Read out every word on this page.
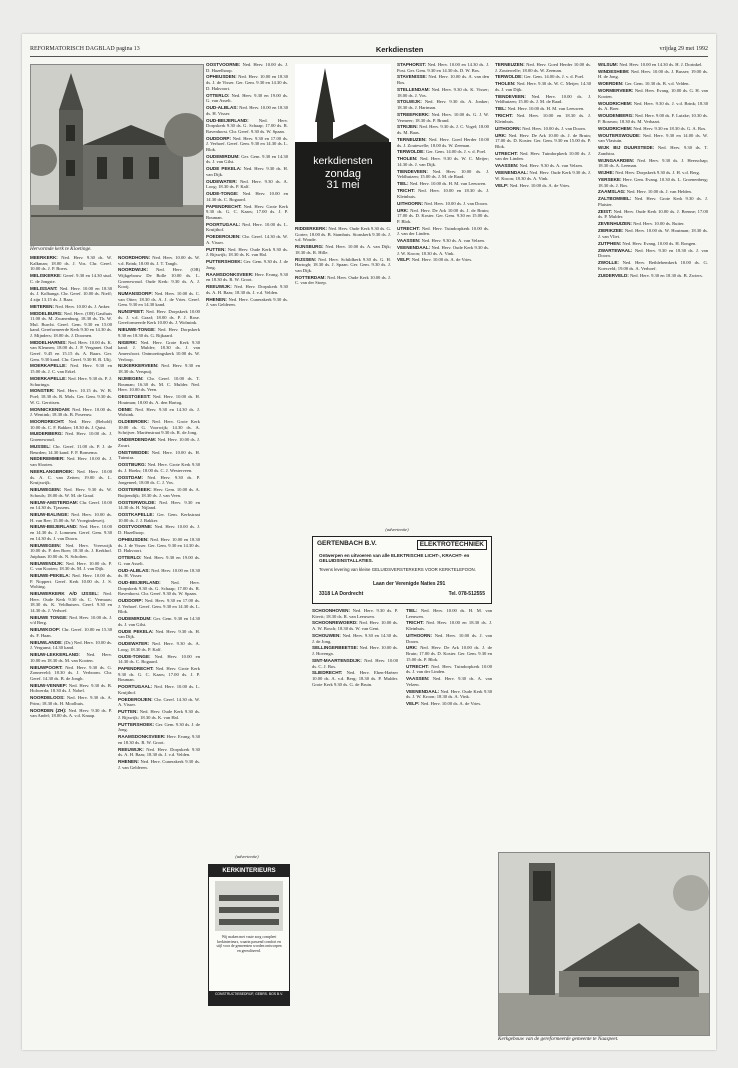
REFORMATORISCH DAGBLAD pagina 13	Kerkdiensten	vrijdag 29 mei 1992
Hervormde kerk te Kloetinge.

MEERKERK: Ned. Herv. 9.30 ds. W. Kalkman; 18.00 ds. J. Vos. Chr. Geref. 10.00 ds. J. P. Boers.

MELISKERKE: Geref. 9.30 en 14.30 stud. C. de Jongste.

MELISSANT: Ned. Herv. 10.00 en 18.30 ds. J. Kolbanga. Chr. Geref. 10.00 ds. Nieff; 4 zijn 13.15 ds. J. Baar.

METEREN: Ned. Herv. 10.00 ds. J. Anker.

MIDDELBURG: Ned. Herv. (OB) Gasthuis 11.00 ds. M. Zwanenburg, 18.30 ds. Th. W. Mul. Burcht. Geref. Gem. 9.30 en 15.00 kand. Gereformeerde Kerk 9.30 en 14.30 ds. J. Mijnders; 18.00 ds. J. Doornen.

MIDDELHARNIS: Ned. Herv. 10.00 ds. K. van Kleunen; 18.00 ds. J. P. Verganet. Oud Geref. 9.45 en 15.15 ds. A. Baars. Ger. Gem. 9.30 kand. Chr. Geref. 9.30 H. B. Ulij.

MOERKAPELLE: Ned. Herv. 9.30 en 15.00 ds. J. C. van Erkel.

MOERKAPELLE: Ned. Herv. 9.30 ds. P. J. Schuringa.

MONSTER: Ned. Herv. 10.15 ds. W. B. Poel; 18.30 ds. R. Mols. Ger. Gem. 9.30 ds. W. G. Gerritsen.

MONNICKENDAM: Ned. Herv. 10.00 ds. J. Wentink; 18.30 ds. B. Poseeuw.

MOORDRECHT: Ned. Herv. (Behold) 10.00 ds. C. F. Bakker; 18.30 ds. J. Quist.

MUIDERBERG: Ned. Herv. 10.00 ds. J. Groenewoud.

MUSSEL: Chr. Geref. 11.00 ds. P. J. de Beurden; 14.30 kand. F. P. Bonsema.

NEDEREMMER: Ned. Herv. 10.00 ds. J. van Slooten.

NEERLANGBROEK: Ned. Herv. 10.00 ds. A. C. van Zetten; 19.00 ds. L. Kruijswijk.

NIEUWEGEIN: Ned. Herv. 9.30 ds. W. Schouls; 18.00 ds. W. M. de Graaf.

NIEUW-AMSTERDAM: Chr. Geref. 10.00 en 14.30 ds. Tjassens.

NIEUW-BALINGE: Ned. Herv. 10.00 ds. H. van Ree; 15.00 ds. W. Vroegindeweij.

NIEUW-BEIJERLAND: Ned. Herv. 10.00 en 14.30 ds. J. Lommen. Geref. Gem. 9.30 en 14.30 ds. J. van Doorn.

NIEUWEGEIN: Ned. Herv. Vreeswijk 10.00 ds. P. den Boer; 18.30 ds. J. Kerkhof. Jutphaas 10.00 ds. N. Scholten.

NIEUWENDIJK: Ned. Herv. 10.00 ds. P. C. van Kooten; 18.30 ds. M. J. van Dijk.

NIEUWE-PEKELA: Ned. Herv. 10.00 ds. P. Noppert. Geref. Kerk 10.00 ds. J. S. Wolting.

NIEUWERKERK A/D IJSSEL: Ned. Herv. Oude Kerk 9.30 ds. C. Vermaas; 18.30 ds. K. Veldhuisen. Geref. 9.30 en 14.30 ds. J. Verhoef.

NIEUWE TONGE: Ned. Herv. 10.00 ds. J. v/d Berg.

NIEUWKOOP: Chr. Geref. 10.00 en 15.30 ds. F. Haan.

NIEUWLANDE: (Dr.) Ned. Herv. 10.00 ds. J. Vergunst; 14.30 kand.

NIEUW-LEKKERLAND: Ned. Herv. 10.00 en 18.30 ds. M. van Kooten.

NIEUWPOORT: Ned. Herv. 9.30 ds. G. Zonneveld; 18.30 ds. J. Verboom. Chr. Geref. 14.30 ds. B. de Jongh.

NIEUW-VENNEP: Ned. Herv. 9.30 ds. B. Holwerda; 18.30 ds. J. Nobel.

NOORDELOOS: Ned. Herv. 9.30 ds. A. Prins; 18.30 ds. H. Moolhuis.

NOORDEN (ZH): Ned. Herv. 9.30 ds. P. van Andel; 18.00 ds. A. v.d. Knaap.

NOORDHORN: Ned. Herv. 10.00 ds. W. v.d. Brink; 18.00 ds. J. T. Tangh.

NOORDWIJK: Ned. Herv. (OB) Wijkgebouw De Bolle 10.00 ds. L. Groenewoud. Oude Kerk: 9.30 ds. A. J. Kooij.

NUMANSDORP: Ned. Herv. 10.00 ds. C. van Otter; 18.30 ds. A. J. de Vries. Geref. Gem. 9.30 en 14.30 kand.

NUNSPEET: Ned. Herv. Dorpskerk 10.00 ds. J. v.d. Graaf; 18.00 ds. P. J. Rose. Gereformeerde Kerk 10.00 ds. J. Wolmink.

NIEUWE-TONGE: Ned. Herv. Dorpskerk 9.30 en 18.30 ds. G. Rijkaard.

NIGERK: Ned. Herv. Grote Kerk 9.30 kand. J. Mulder; 18.30 ds. J. van Amersfoort. Ontmoetingskerk 10.00 ds. W. Verloop.

NIJKERKERVEEN: Ned. Herv. 9.30 en 18.30 ds. Verspuij.

NIJMEGEN: Chr. Geref. 10.00 ds. T. Bouman; 16.30 ds. M. C. Mulder. Ned. Herv. 10.00 ds. Veen.

OEGSTGEEST: Ned. Herv. 10.00 ds. H. Houtman; 18.00 ds. A. den Hartog.

OENE: Ned. Herv. 9.30 en 14.30 ds. J. Wolsink.

OLDEBROEK: Ned. Herv. Grote Kerk 10.00 ds. G. Voorwijk; 14.30 ds. A. Schrijver. Mariënstraat 9.30 ds. R. de Jong.

ONDERDENDAM: Ned. Herv. 10.00 ds. J. Zwart.

ONSTWEDDE: Ned. Herv. 10.00 ds. H. Tuinstra.

OOSTBURG: Ned. Herv. Grote Kerk 9.30 ds. J. Hoeks; 18.00 ds. C. J. Westerveen.

OOSTDAM: Ned. Herv. 9.30 ds. P. Jongeneel; 18.00 ds. C. J. Vos.

OOSTERBEEK: Herv. Gem. 10.00 ds. A. Buijtendijk; 18.30 ds. J. van Veen.

OOSTERWOLDE: Ned. Herv. 9.30 en 14.30 ds. H. Nijland.

OOSTKAPELLE: Ger. Gem. Kerkstraat 10.00 ds. J. J. Bakker.

OOSTVOORNE: Ned. Herv. 10.00 ds. J. D. Hazelhoop.

OPHEUSDEN: Ned. Herv. 10.00 en 18.30 ds. J. de Visser. Ger. Gem. 9.30 en 14.30 ds. D. Hakvoort.

OTTERLO: Ned. Herv. 9.30 en 19.00 ds. G. van Asselt.

OUD-ALBLAS: Ned. Herv. 10.00 en 18.30 ds. H. Visser.

OUD-BEIJERLAND: Ned. Herv. Dorpskerk 9.30 ds. G. Schaap; 17.00 ds. R. Ravenhorst. Chr. Geref. 9.30 ds. W. Spaan.

OUDDORP: Ned. Herv. 9.30 en 17.00 ds. J. Verhoef. Geref. Gem. 9.30 en 14.30 ds. L. Blok.

OUDEMIRDUM: Ger. Gem. 9.30 en 14.30 ds. J. van Gilst.

OUDE PEKELA: Ned. Herv. 9.30 ds. H. van Dijk.

OUDEWATER: Ned. Herv. 9.30 ds. A. Loog; 18.30 ds. P. Kalf.

OUDE-TONGE: Ned. Herv. 10.00 en 14.30 ds. C. Bogaard.

PAPENDRECHT: Ned. Herv. Grote Kerk 9.30 ds. G. C. Kaars; 17.00 ds. J. P. Bouman.

POORTUGAAL: Ned. Herv. 10.00 ds. L. Kruijthof.

POEDEROIJEN: Chr. Geref. 14.30 ds. W. A. Visser.

PUTTEN: Ned. Herv. Oude Kerk 9.30 ds. J. Rijswijk; 18.30 ds. K. van Hal.

PUTTERSHOEK: Ger. Gem. 9.30 ds. J. de Jong.

RAAMSDONKSVEER: Herv. Evang. 9.30 en 18.30 ds. R. W. Groot.

REEUWIJK: Ned. Herv. Dorpskerk 9.30 ds. A. H. Baas; 18.30 ds. J. v.d. Velden.

RHENEN: Ned. Herv. Cunerakerk 9.30 ds. J. van Gelderen.

OOSTVOORNE: Ned. Herv. 10.00 ds. J. D. Hazelhoop.

OPHEUSDEN: Ned. Herv. 10.00 en 18.30 ds. J. de Visser. Ger. Gem. 9.30 en 14.30 ds. D. Hakvoort.

OTTERLO: Ned. Herv. 9.30 en 19.00 ds. G. van Asselt.

OUD-ALBLAS: Ned. Herv. 10.00 en 18.30 ds. H. Visser.

OUD-BEIJERLAND: Ned. Herv. Dorpskerk 9.30 ds. G. Schaap; 17.00 ds. R. Ravenhorst. Chr. Geref. 9.30 ds. W. Spaan.

OUDDORP: Ned. Herv. 9.30 en 17.00 ds. J. Verhoef. Geref. Gem. 9.30 en 14.30 ds. L. Blok.

OUDEMIRDUM: Ger. Gem. 9.30 en 14.30 ds. J. van Gilst.

OUDE PEKELA: Ned. Herv. 9.30 ds. H. van Dijk.

OUDEWATER: Ned. Herv. 9.30 ds. A. Loog; 18.30 ds. P. Kalf.

OUDE-TONGE: Ned. Herv. 10.00 en 14.30 ds. C. Bogaard.

PAPENDRECHT: Ned. Herv. Grote Kerk 9.30 ds. G. C. Kaars; 17.00 ds. J. P. Bouman.

POORTUGAAL: Ned. Herv. 10.00 ds. L. Kruijthof.

POEDEROIJEN: Chr. Geref. 14.30 ds. W. A. Visser.

PUTTEN: Ned. Herv. Oude Kerk 9.30 ds. J. Rijswijk; 18.30 ds. K. van Hal.

PUTTERSHOEK: Ger. Gem. 9.30 ds. J. de Jong.

RAAMSDONKSVEER: Herv. Evang. 9.30 en 18.30 ds. R. W. Groot.

REEUWIJK: Ned. Herv. Dorpskerk 9.30 ds. A. H. Baas; 18.30 ds. J. v.d. Velden.

RHENEN: Ned. Herv. Cunerakerk 9.30 ds. J. van Gelderen.

kerkdiensten
zondag
31 mei

RIDDERKERK: Ned. Herv. Oude Kerk 9.30 ds. G. Gorter; 18.00 ds. B. Stamhuis. Sionskerk 9.30 ds. J. v.d. Woude.

RIJNSBURG: Ned. Herv. 10.00 ds. A. van Dijk; 18.30 ds. R. Hille.

RIJSSEN: Ned. Herv. Schildkerk 9.30 ds. G. H. Hartogh; 18.30 ds. J. Spaan. Ger. Gem. 9.30 ds. J. van Dijk.

ROTTERDAM: Ned. Herv. Oude Kerk 10.00 ds. J. C. van der Stoep.

STAPHORST: Ned. Herv. 10.00 en 14.30 ds. J. Post. Ger. Gem. 9.30 en 14.30 ds. D. W. Bos.

STAVENISSE: Ned. Herv. 10.00 ds. A. van den Bos.

STELLENDAM: Ned. Herv. 9.30 ds. K. Visser; 18.00 ds. J. Vos.

STOLWIJK: Ned. Herv. 9.30 ds. A. Jonker; 18.30 ds. J. Hartman.

STREEFKERK: Ned. Herv. 10.00 ds. G. J. W. Vermeer; 18.30 ds. P. Brand.

STRIJEN: Ned. Herv. 9.30 ds. J. C. Vogel; 18.00 ds. M. Baas.

TERNEUZEN: Ned. Herv. Goed Herder 10.00 ds. J. Zoutewelle; 18.00 ds. W. Zeeman.

TERWOLDE: Ger. Gem. 14.00 ds. J. v. d. Poel.

THOLEN: Ned. Herv. 9.30 ds. W. C. Meijer; 14.30 ds. J. van Dijk.

TIENDEVEEN: Ned. Herv. 10.00 ds. J. Veldhuizen; 15.00 ds. J. M. de Raad.

TIEL: Ned. Herv. 10.00 ds. H. M. van Leeuwen.

TRICHT: Ned. Herv. 10.00 en 18.30 ds. J. Kleinhuis.

UITHOORN: Ned. Herv. 10.00 ds. J. van Doorn.

URK: Ned. Herv. De Ark 10.00 ds. J. de Bruin; 17.00 ds. D. Koster. Ger. Gem. 9.30 en 15.00 ds. P. Blok.

UTRECHT: Ned. Herv. Tuindorpkerk 10.00 ds. J. van der Linden.

VAASSEN: Ned. Herv. 9.30 ds. A. van Velzen.

VEENENDAAL: Ned. Herv. Oude Kerk 9.30 ds. J. W. Kroon; 18.30 ds. A. Vink.

VELP: Ned. Herv. 10.00 ds. A. de Vries.

TERNEUZEN: Ned. Herv. Goed Herder 10.00 ds. J. Zoutewelle; 18.00 ds. W. Zeeman.

TERWOLDE: Ger. Gem. 14.00 ds. J. v. d. Poel.

THOLEN: Ned. Herv. 9.30 ds. W. C. Meijer; 14.30 ds. J. van Dijk.

TIENDEVEEN: Ned. Herv. 10.00 ds. J. Veldhuizen; 15.00 ds. J. M. de Raad.

TIEL: Ned. Herv. 10.00 ds. H. M. van Leeuwen.

TRICHT: Ned. Herv. 10.00 en 18.30 ds. J. Kleinhuis.

UITHOORN: Ned. Herv. 10.00 ds. J. van Doorn.

URK: Ned. Herv. De Ark 10.00 ds. J. de Bruin; 17.00 ds. D. Koster. Ger. Gem. 9.30 en 15.00 ds. P. Blok.

UTRECHT: Ned. Herv. Tuindorpkerk 10.00 ds. J. van der Linden.

VAASSEN: Ned. Herv. 9.30 ds. A. van Velzen.

VEENENDAAL: Ned. Herv. Oude Kerk 9.30 ds. J. W. Kroon; 18.30 ds. A. Vink.

VELP: Ned. Herv. 10.00 ds. A. de Vries.

WILSUM: Ned. Herv. 10.00 en 14.30 ds. H. J. Dorinkel.

WINDESHEIM: Ned. Herv. 10.00 ds. J. Busser; 19.00 ds. H. de Jong.

WOERDEN: Ger. Gem. 10.30 ds. B. v.d. Velden.

WORMERVEER: Ned. Herv. Evang. 10.00 ds. G. H. van Kooten.

WOUDRICHEM: Ned. Herv. 9.30 ds. J. v.d. Brink; 18.30 ds. A. Boer.

WOUDENBERG: Ned. Herv. 9.00 ds. F. Lutzke; 10.30 ds. P. Roseuw; 18.30 ds. M. Verhaart.

WOUDRICHEM: Ned. Herv. 9.30 en 18.30 ds. G. A. Ros.

WOUTERSWOUDE: Ned. Herv. 9.30 en 14.00 ds. W. van Vlastuin.

WIJK BIJ DUURSTEDE: Ned. Herv. 9.30 ds. T. Zandstra.

WIJNGAARDEN: Ned. Herv. 9.30 ds. J. Heerschap; 18.30 ds. A. Leeman.

WIJHE: Ned. Herv. Dorpskerk 9.30 ds. J. H. v.d. Berg.

YERSEKE: Herv. Gem. Evang. 10.30 ds. L. Groenenberg; 18.30 ds. J. Bos.

ZAAMSLAG: Ned. Herv. 10.00 ds. J. van Helden.

ZALTBOMMEL: Ned. Herv. Grote Kerk 9.30 ds. J. Plaisier.

ZEIST: Ned. Herv. Oude Kerk 10.00 ds. J. Brenne; 17.00 ds. P. Mulder.

ZEVENHUIZEN: Ned. Herv. 10.00 ds. Ruiter.

ZIERIKZEE: Ned. Herv. 10.00 ds. W. Houtman; 18.30 ds. J. van Vliet.

ZUTPHEN: Ned. Herv. Evang. 10.00 ds. H. Rongen.

ZWARTEWAAL: Ned. Herv. 9.30 en 18.30 ds. J. van Doorn.

ZWOLLE: Ned. Herv. Bethlehemkerk 10.00 ds. G. Koesveld; 19.00 ds. A. Verhoef.

ZUIDERVELD: Ned. Herv. 9.30 en 18.30 ds. B. Zwiers.

(advertentie)
GERTENBACH B.V.	ELEKTROTECHNIEK
Ontwerpen en uitvoeren van alle ELEKTRISCHE LICHT-, KRACHT- en GELUIDSINSTALLATIES.
Tevens levering van kleine GELUIDSVERSTERKERS VOOR KERKTELEFOON.
Laan der Verenigde Naties 291
3318 LA Dordrecht	Tel. 078-512555

SCHOONHOVEN: Ned. Herv. 9.30 ds. P. Kievit; 18.30 ds. R. van Leeuwen.

SCHOONREWOERD: Ned. Herv. 10.00 ds. A. W. Bosch; 18.30 ds. W. van Gent.

SCHOUWEN: Ned. Herv. 9.30 en 14.30 ds. J. de Jong.

SELLINGERBEETSE: Ned. Herv. 10.00 ds. J. Hovenga.

SINT-MAARTENSDIJK: Ned. Herv. 10.00 ds. C. J. Bos.

SLIEDRECHT: Ned. Herv. Eben-Haëzer 10.00 ds. A. v.d. Berg; 18.30 ds. P. Mulder. Grote Kerk 9.30 ds. G. de Bruin.

TIEL: Ned. Herv. 10.00 ds. H. M. van Leeuwen.

TRICHT: Ned. Herv. 10.00 en 18.30 ds. J. Kleinhuis.

UITHOORN: Ned. Herv. 10.00 ds. J. van Doorn.

URK: Ned. Herv. De Ark 10.00 ds. J. de Bruin; 17.00 ds. D. Koster. Ger. Gem. 9.30 en 15.00 ds. P. Blok.

UTRECHT: Ned. Herv. Tuindorpkerk 10.00 ds. J. van der Linden.

VAASSEN: Ned. Herv. 9.30 ds. A. van Velzen.

VEENENDAAL: Ned. Herv. Oude Kerk 9.30 ds. J. W. Kroon; 18.30 ds. A. Vink.

VELP: Ned. Herv. 10.00 ds. A. de Vries.

(advertentie)
KERKINTERIEURS
Wij maken met vaste zorg compleet kerkinterieurs, waarin passend comfort en stijl voor de gemeenten worden ontworpen en gerealiseerd.
CONSTRUCTIEBEDRIJF, GEBRS. BOS B.V.
Kerkgebouw van de gereformeerde gemeente te Naaspeet.
